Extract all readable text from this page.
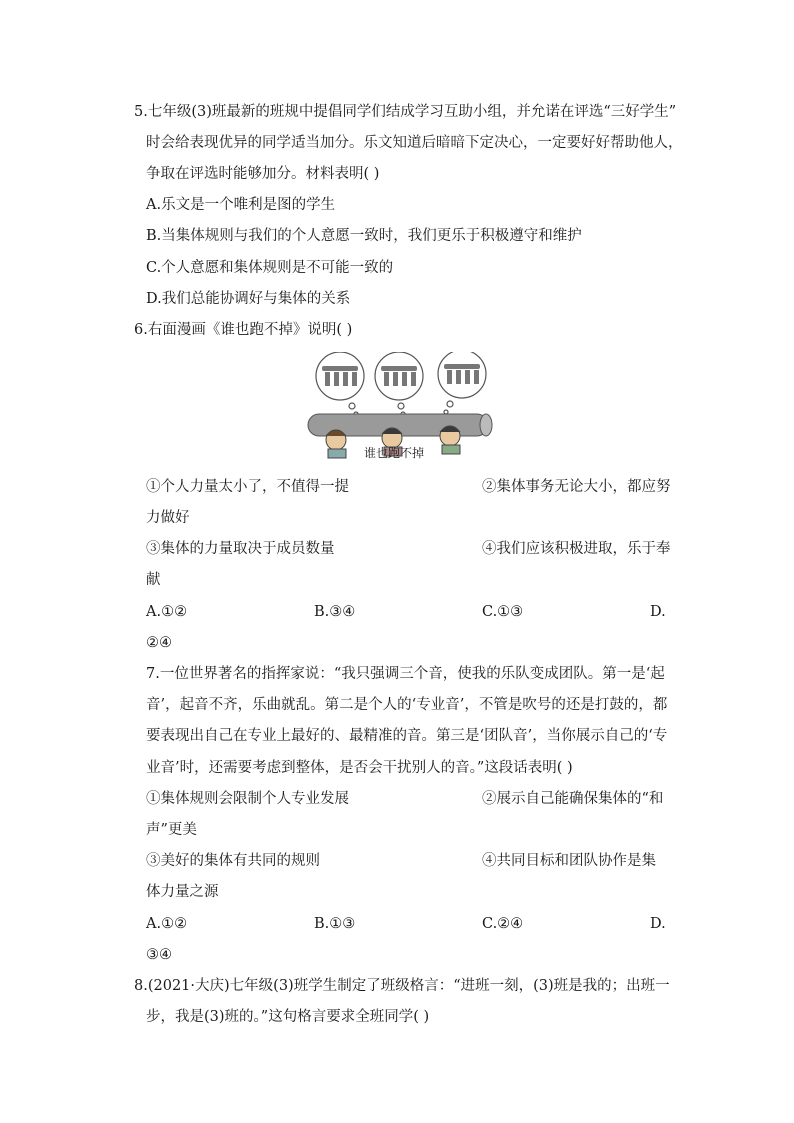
5.七年级(3)班最新的班规中提倡同学们结成学习互助小组，并允诺在评选“三好学生”
时会给表现优异的同学适当加分。乐文知道后暗暗下定决心，一定要好好帮助他人，
争取在评选时能够加分。材料表明( )
A.乐文是一个唯利是图的学生
B.当集体规则与我们的个人意愿一致时，我们更乐于积极遵守和维护
C.个人意愿和集体规则是不可能一致的
D.我们总能协调好与集体的关系
6.右面漫画《谁也跑不掉》说明( )
谁也跑不掉
①个人力量太小了，不值得一提	②集体事务无论大小，都应努
力做好
③集体的力量取决于成员数量	④我们应该积极进取，乐于奉
献
A.①②	B.③④	C.①③	D.
②④
7.一位世界著名的指挥家说：“我只强调三个音，使我的乐队变成团队。第一是‘起
音’，起音不齐，乐曲就乱。第二是个人的‘专业音’，不管是吹号的还是打鼓的，都
要表现出自己在专业上最好的、最精准的音。第三是‘团队音’，当你展示自己的‘专
业音’时，还需要考虑到整体，是否会干扰别人的音。”这段话表明( )
①集体规则会限制个人专业发展	②展示自己能确保集体的“和
声”更美
③美好的集体有共同的规则	④共同目标和团队协作是集
体力量之源
A.①②	B.①③	C.②④	D.
③④
8.(2021·大庆)七年级(3)班学生制定了班级格言：“进班一刻，(3)班是我的；出班一
步，我是(3)班的。”这句格言要求全班同学( )
